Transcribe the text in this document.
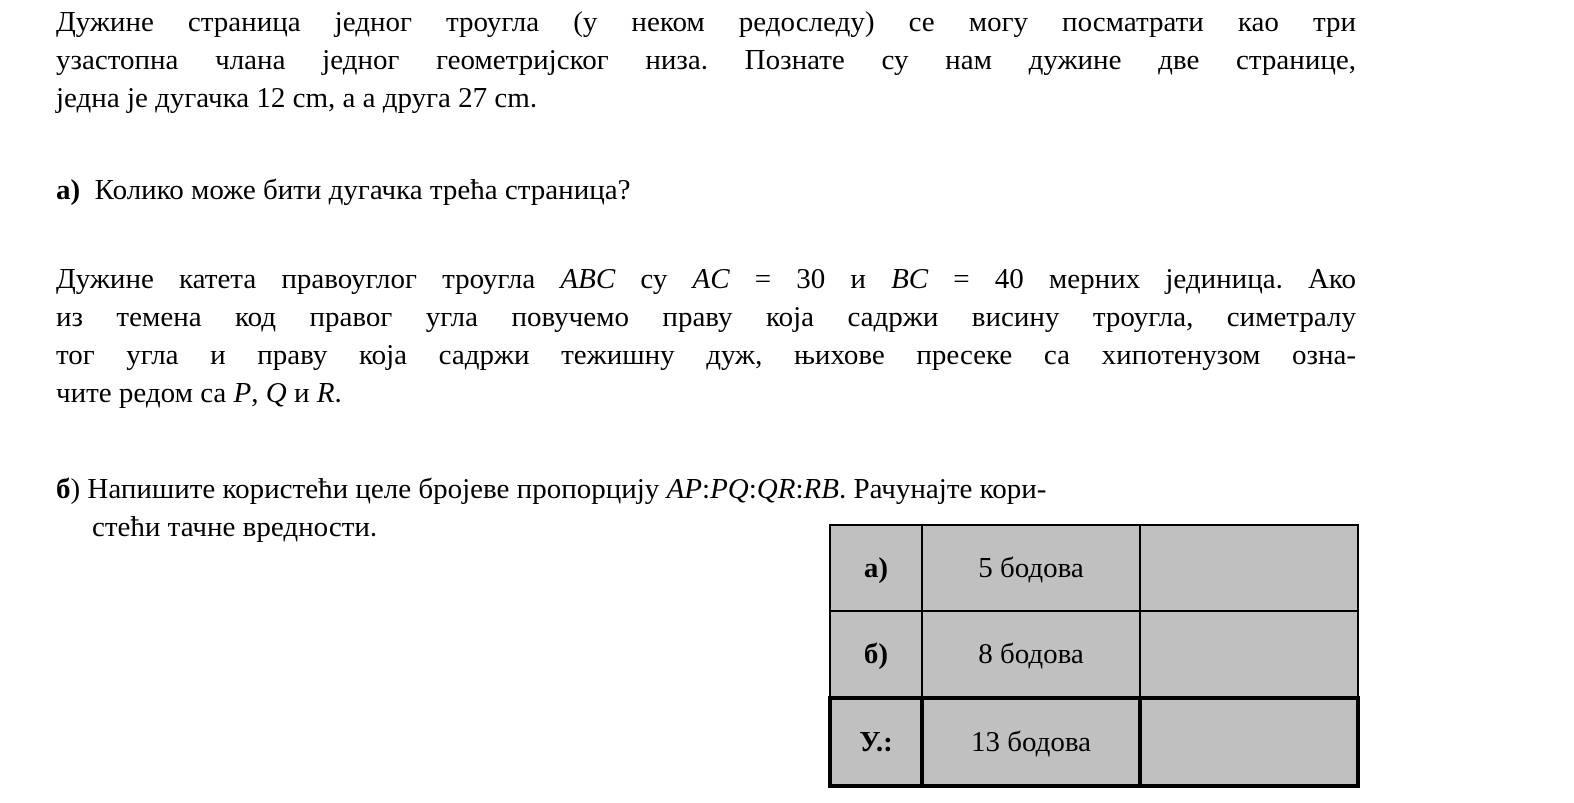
Дужине страница једног троугла (у неком редоследу) се могу посматрати као три
узастопна члана једног геометријског низа. Познате су нам дужине две странице,
једна је дугачка 12 cm, а а друга 27 cm.
а) Колико може бити дугачка трећа страница?
Дужине катета правоуглог троугла ABC су AC = 30 и BC = 40 мерних јединица. Ако
из темена код правог угла повучемо праву која садржи висину троугла, симетралу
тог угла и праву која садржи тежишну дуж, њихове пресеке са хипотенузом озна-
чите редом са P, Q и R.
б) Напишите користећи целе бројеве пропорцију AP:PQ:QR:RB. Рачунајте кори-
стећи тачне вредности.
а)	5 бодова	
б)	8 бодова	
У.:	13 бодова	
